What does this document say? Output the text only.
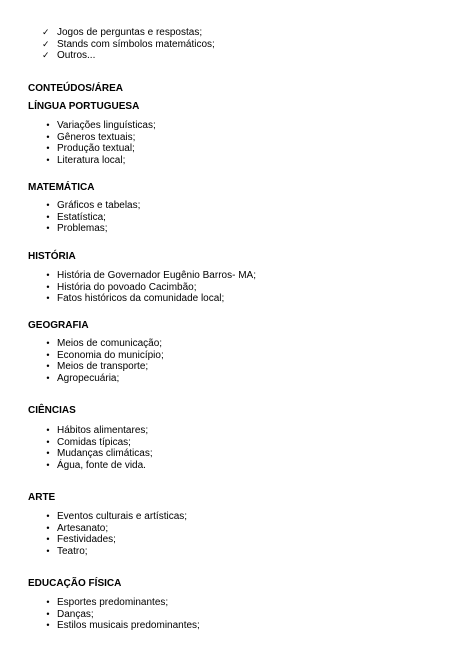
✓ Jogos de perguntas e respostas;
✓ Stands com símbolos matemáticos;
✓ Outros...
CONTEÚDOS/ÁREA
LÍNGUA PORTUGUESA
•
Variações linguísticas;
•
Gêneros textuais;
•
Produção textual;
•
Literatura local;
MATEMÁTICA
•
Gráficos e tabelas;
•
Estatística;
•
Problemas;
HISTÓRIA
•
História de Governador Eugênio Barros- MA;
•
História do povoado Cacimbão;
•
Fatos históricos da comunidade local;
GEOGRAFIA
•
Meios de comunicação;
•
Economia do município;
•
Meios de transporte;
•
Agropecuária;
CIÊNCIAS
•
Hábitos alimentares;
•
Comidas típicas;
•
Mudanças climáticas;
•
Água, fonte de vida.
ARTE
•
Eventos culturais e artísticas;
•
Artesanato;
•
Festividades;
•
Teatro;
EDUCAÇÃO FÍSICA
•
Esportes predominantes;
•
Danças;
•
Estilos musicais predominantes;
